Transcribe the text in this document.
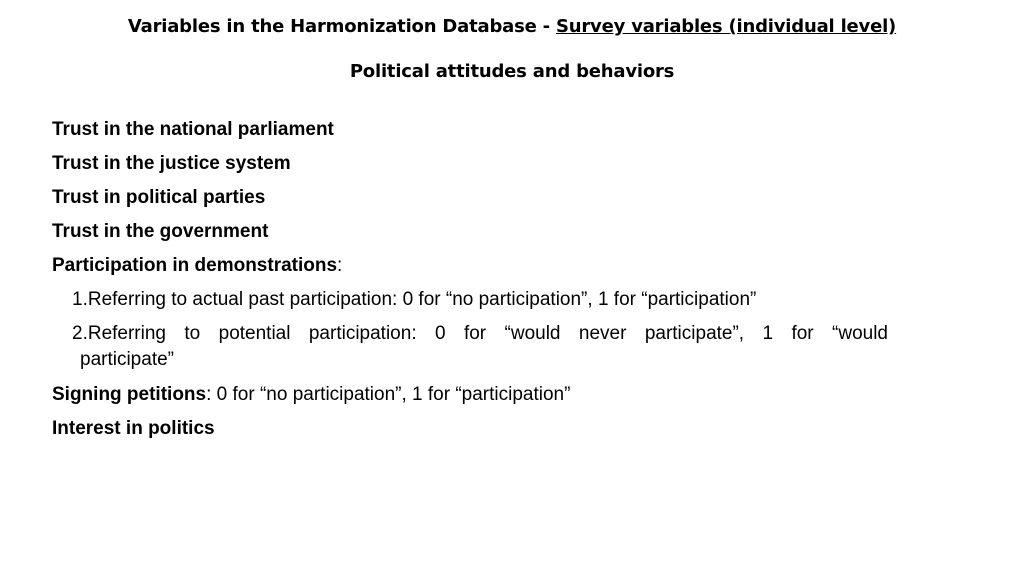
Variables in the Harmonization Database - Survey variables (individual level)
Political attitudes and behaviors
Trust in the national parliament
Trust in the justice system
Trust in political parties
Trust in the government
Participation in demonstrations:
1.Referring to actual past participation: 0 for “no participation”, 1 for “participation”
2.Referring to potential participation: 0 for “would never participate”, 1 for “would
participate”
Signing petitions: 0 for “no participation”, 1 for “participation”
Interest in politics
